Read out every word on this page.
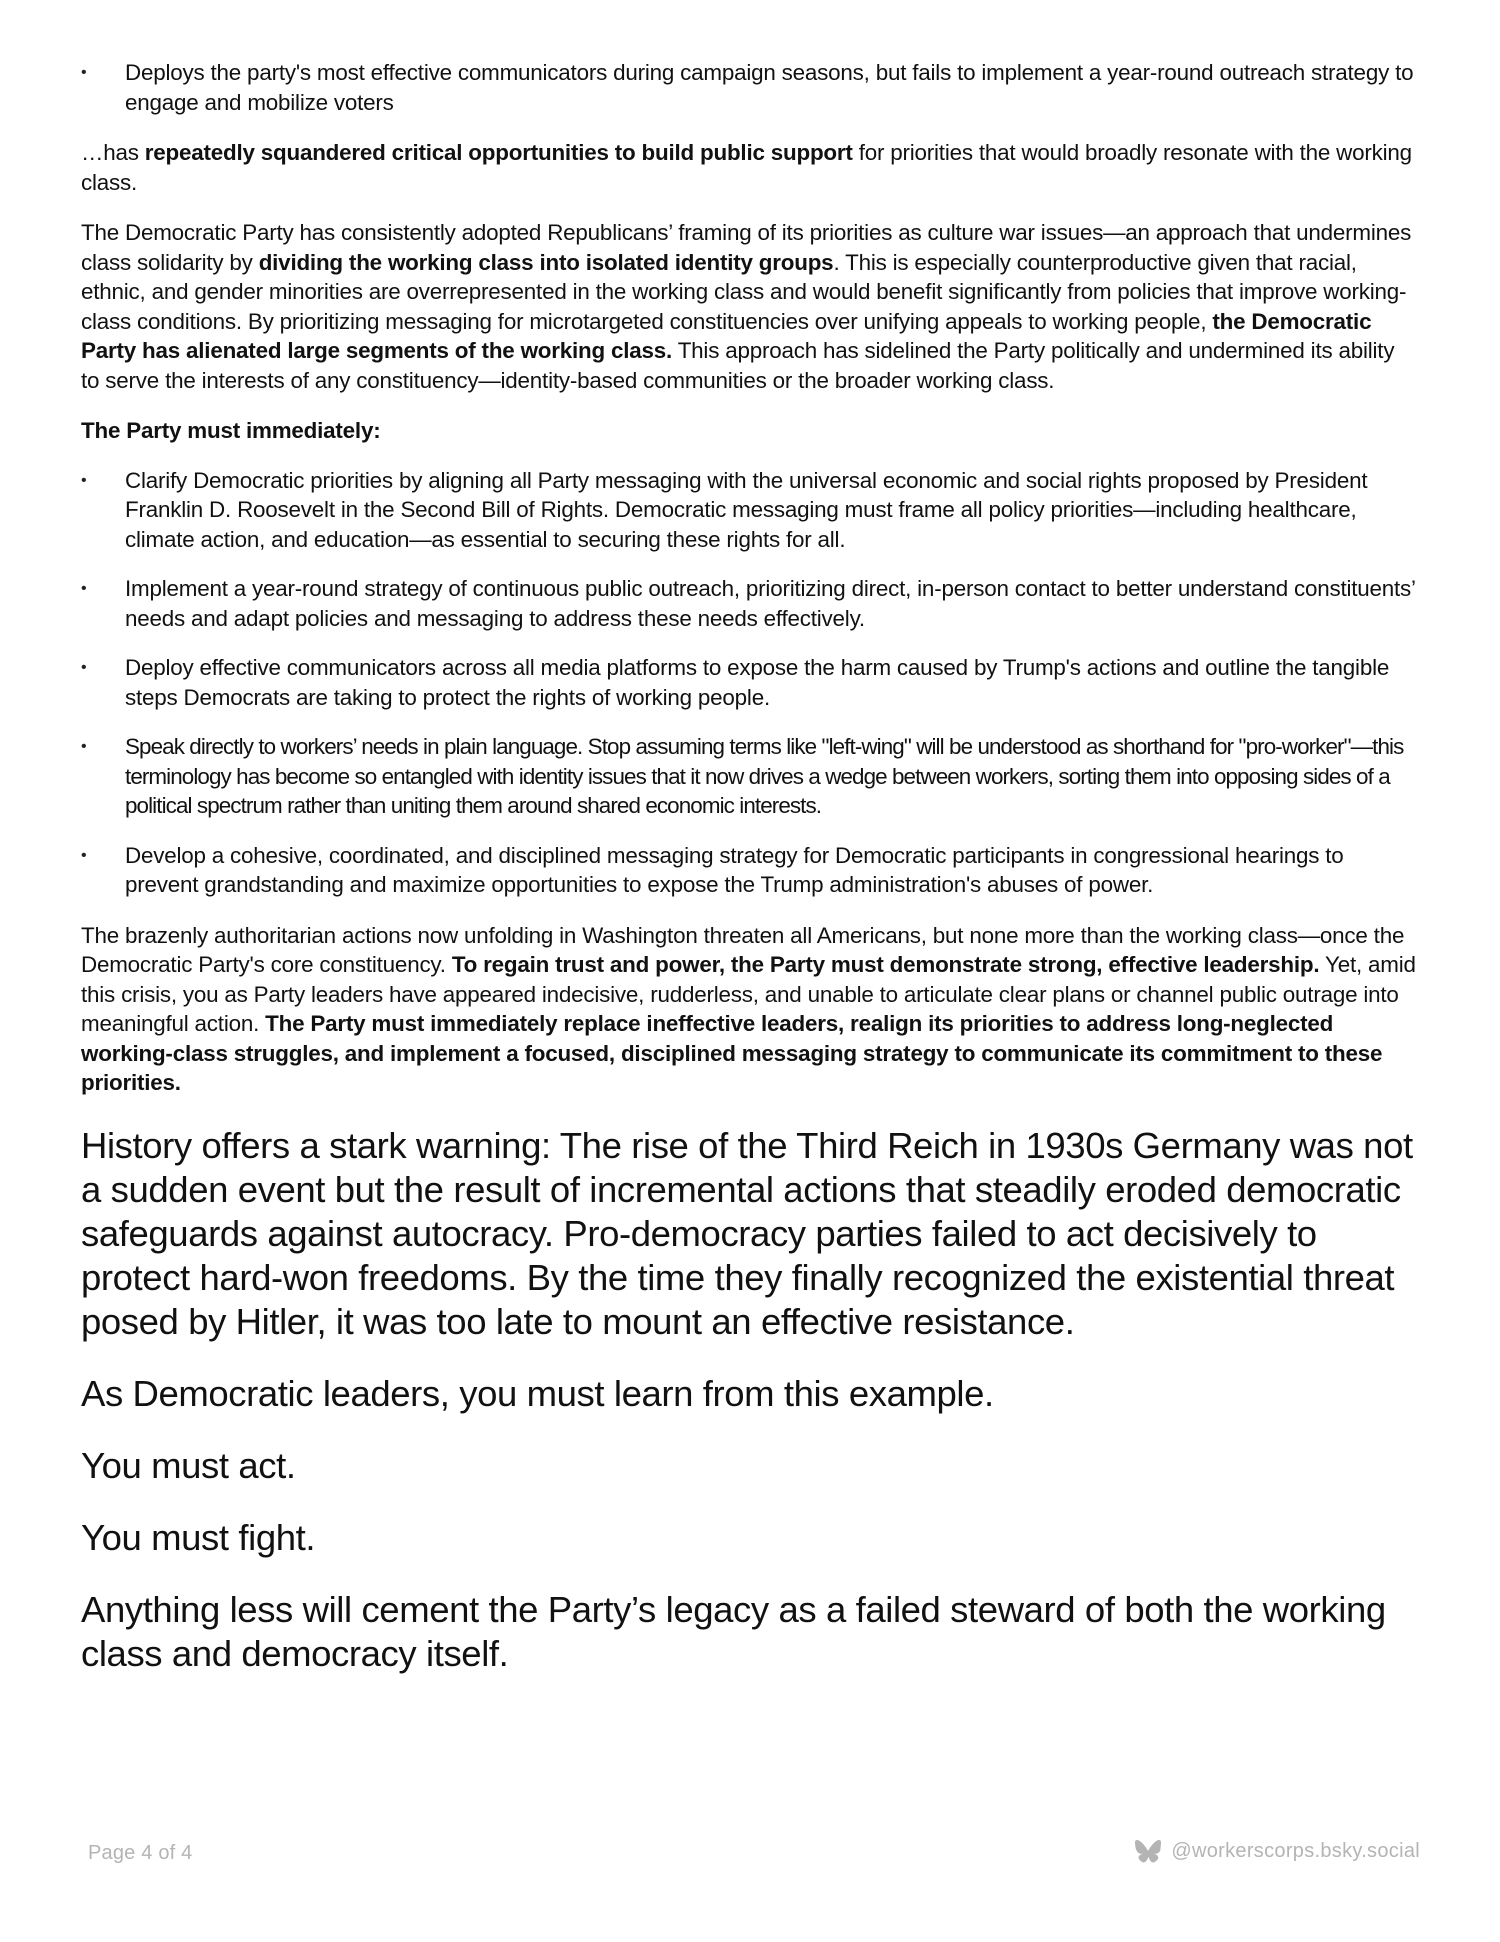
• Deploys the party's most effective communicators during campaign seasons, but fails to implement a year-round outreach strategy to engage and mobilize voters

…has repeatedly squandered critical opportunities to build public support for priorities that would broadly resonate with the working class.

The Democratic Party has consistently adopted Republicans’ framing of its priorities as culture war issues—an approach that undermines class solidarity by dividing the working class into isolated identity groups. This is especially counterproductive given that racial, ethnic, and gender minorities are overrepresented in the working class and would benefit significantly from policies that improve working-class conditions. By prioritizing messaging for microtargeted constituencies over unifying appeals to working people, the Democratic Party has alienated large segments of the working class. This approach has sidelined the Party politically and undermined its ability to serve the interests of any constituency—identity-based communities or the broader working class.

The Party must immediately:

• Clarify Democratic priorities by aligning all Party messaging with the universal economic and social rights proposed by President Franklin D. Roosevelt in the Second Bill of Rights. Democratic messaging must frame all policy priorities—including healthcare, climate action, and education—as essential to securing these rights for all.
• Implement a year-round strategy of continuous public outreach, prioritizing direct, in-person contact to better understand constituents’ needs and adapt policies and messaging to address these needs effectively.
• Deploy effective communicators across all media platforms to expose the harm caused by Trump's actions and outline the tangible steps Democrats are taking to protect the rights of working people.
• Speak directly to workers’ needs in plain language. Stop assuming terms like "left-wing" will be understood as shorthand for "pro-worker"—this terminology has become so entangled with identity issues that it now drives a wedge between workers, sorting them into opposing sides of a political spectrum rather than uniting them around shared economic interests.
• Develop a cohesive, coordinated, and disciplined messaging strategy for Democratic participants in congressional hearings to prevent grandstanding and maximize opportunities to expose the Trump administration's abuses of power.

The brazenly authoritarian actions now unfolding in Washington threaten all Americans, but none more than the working class—once the Democratic Party's core constituency. To regain trust and power, the Party must demonstrate strong, effective leadership. Yet, amid this crisis, you as Party leaders have appeared indecisive, rudderless, and unable to articulate clear plans or channel public outrage into meaningful action. The Party must immediately replace ineffective leaders, realign its priorities to address long-neglected working-class struggles, and implement a focused, disciplined messaging strategy to communicate its commitment to these priorities.

History offers a stark warning: The rise of the Third Reich in 1930s Germany was not a sudden event but the result of incremental actions that steadily eroded democratic safeguards against autocracy. Pro-democracy parties failed to act decisively to protect hard-won freedoms. By the time they finally recognized the existential threat posed by Hitler, it was too late to mount an effective resistance.

As Democratic leaders, you must learn from this example.

You must act.

You must fight.

Anything less will cement the Party’s legacy as a failed steward of both the working class and democracy itself.

Page 4 of 4	@workerscorps.bsky.social
